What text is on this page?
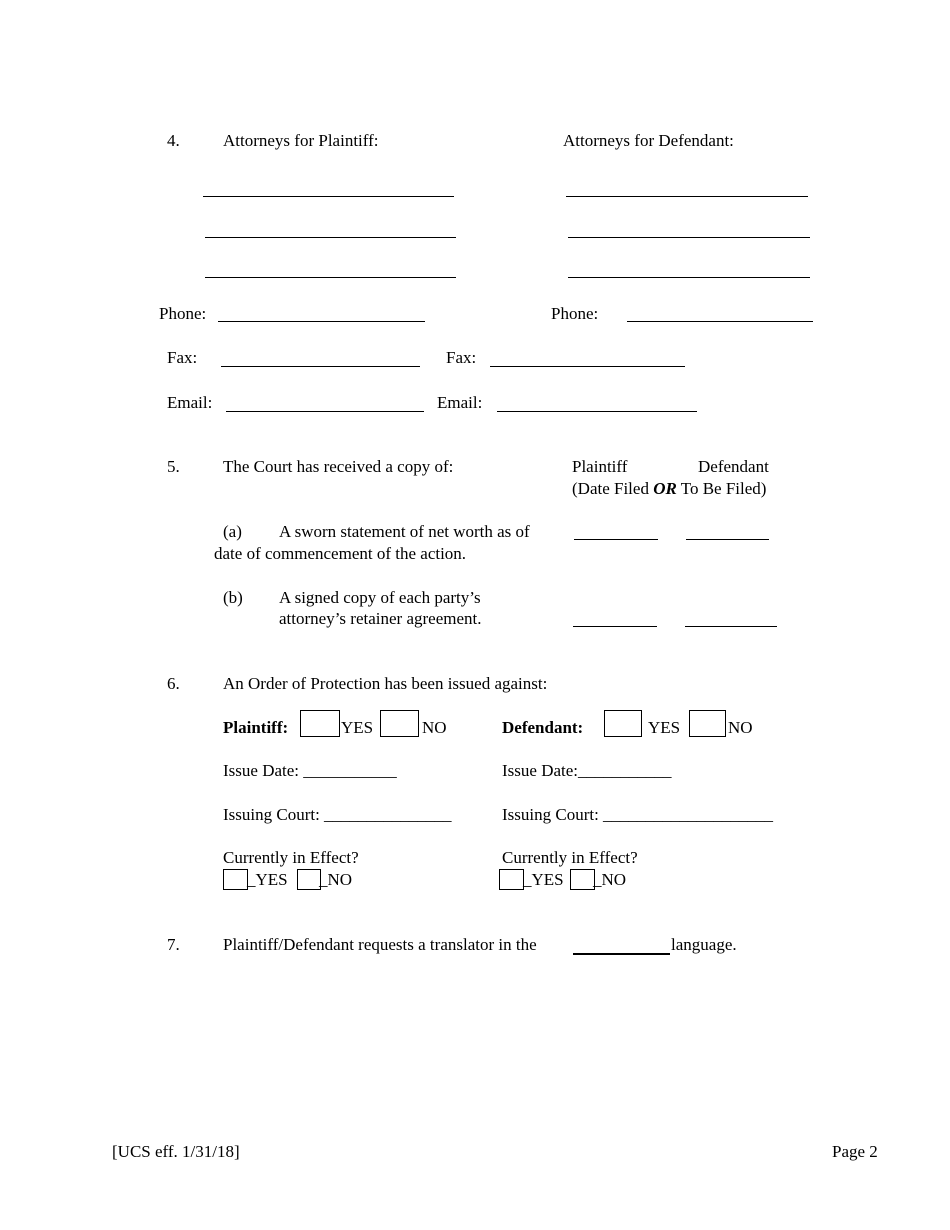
4.	Attorneys for Plaintiff:	Attorneys for Defendant:
Phone:	Phone:
Fax:	Fax:
Email:	Email:
5.	The Court has received a copy of:	Plaintiff	Defendant
(Date Filed OR To Be Filed)
(a) A sworn statement of net worth as of
date of commencement of the action.
(b) A signed copy of each party’s
attorney’s retainer agreement.
6.	An Order of Protection has been issued against:
Plaintiff:	YES	NO	Defendant:	YES	NO
Issue Date: ___________	Issue Date:___________
Issuing Court: _______________	Issuing Court: ____________________
Currently in Effect?
_YES _NO
Currently in Effect?
_YES _NO
7.	Plaintiff/Defendant requests a translator in the	language.
[UCS eff. 1/31/18]	Page 2
